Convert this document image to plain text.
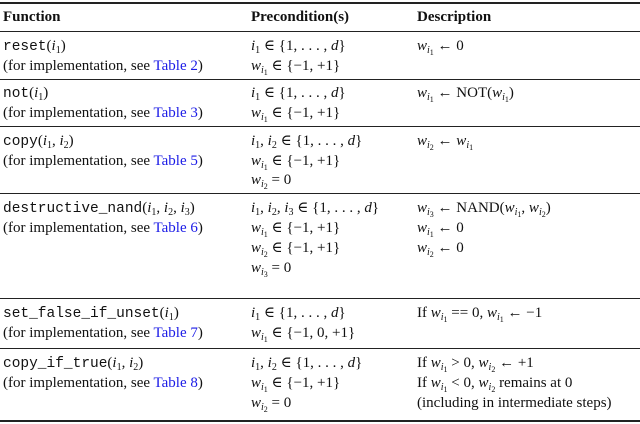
Function	Precondition(s)	Description
$reset(i_1)$
(for implementation, see Table 2)
$i_1$ ∈ {1, . . . , d}
$w_{i_1}$ ∈ {−1, +1}
$w_{i_1}$ ← 0
$not(i_1)$
(for implementation, see Table 3)
$i_1$ ∈ {1, . . . , d}
$w_{i_1}$ ∈ {−1, +1}
$w_{i_1}$ ← $NOT(w_{i_1})$
$copy(i_1$, $i_2$)
(for implementation, see Table 5)
$i_1$, $i_2$ ∈ {1, . . . , d}
$w_{i_1}$ ∈ {−1, +1}
$w_{i_2} = 0$
$w_{i_2}$ ← $w_{i_1}$
$destructive\_nand(i_1$, $i_2$, $i_3$)
(for implementation, see Table 6)
$i_1$, $i_2$, $i_3$ ∈ {1, . . . , d}
$w_{i_1}$ ∈ {−1, +1}
$w_{i_2}$ ∈ {−1, +1}
$w_{i_3} = 0$
$w_{i_3}$ ← $NAND(w_{i_1}$, $w_{i_2}$)
$w_{i_1}$ ← 0
$w_{i_2}$ ← 0
$set\_false\_if\_unset(i_1)$
(for implementation, see Table 7)
$i_1$ ∈ {1, . . . , d}
$w_{i_1}$ ∈ {−1, 0, +1}
If $w_{i_1} == 0$, $w_{i_1}$ ← −1
$copy\_if\_true(i_1$, $i_2$)
(for implementation, see Table 8)
$i_1$, $i_2$ ∈ {1, . . . , d}
$w_{i_1}$ ∈ {−1, +1}
$w_{i_2} = 0$
If $w_{i_1} > 0$, $w_{i_2}$ ← +1
If $w_{i_1} < 0$, $w_{i_2}$ remains at 0
(including in intermediate steps)
